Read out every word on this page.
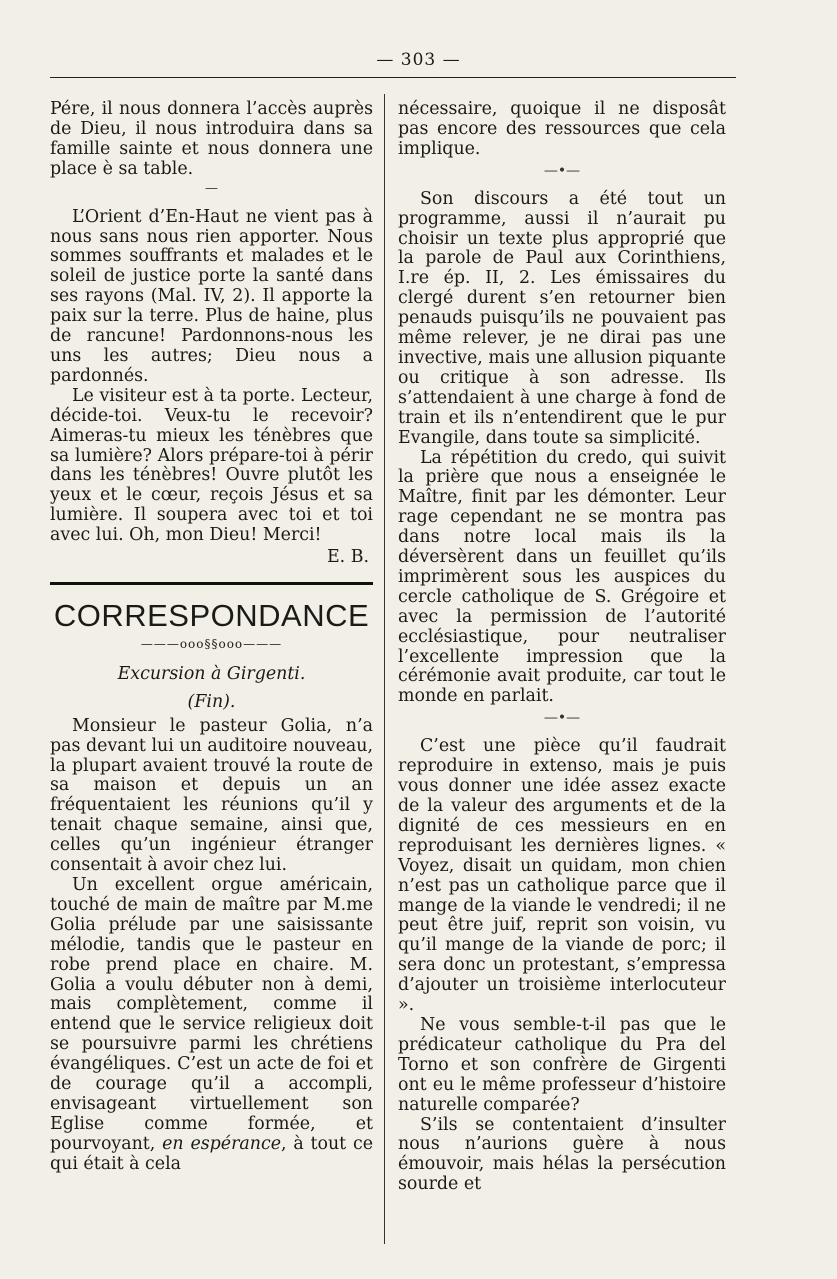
— 303 —

Pére, il nous donnera l’accès auprès de Dieu, il nous introduira dans sa famille sainte et nous donnera une place è sa table.

—

L’Orient d’En-Haut ne vient pas à nous sans nous rien apporter. Nous sommes souffrants et malades et le soleil de justice porte la santé dans ses rayons (Mal. IV, 2). Il apporte la paix sur la terre. Plus de haine, plus de rancune! Pardonnons-nous les uns les autres; Dieu nous a pardonnés.

Le visiteur est à ta porte. Lecteur, décide-toi. Veux-tu le recevoir? Aimeras-tu mieux les ténèbres que sa lumière? Alors prépare-toi à périr dans les ténèbres! Ouvre plutôt les yeux et le cœur, reçois Jésus et sa lumière. Il soupera avec toi et toi avec lui. Oh, mon Dieu! Merci!

E. B.
CORRESPONDANCE
———ooo§§ooo———
Excursion à Girgenti.
(Fin).

Monsieur le pasteur Golia, n’a pas devant lui un auditoire nouveau, la plupart avaient trouvé la route de sa maison et depuis un an fréquentaient les réunions qu’il y tenait chaque semaine, ainsi que, celles qu’un ingénieur étranger consentait à avoir chez lui.

Un excellent orgue américain, touché de main de maître par M.me Golia prélude par une saisissante mélodie, tandis que le pasteur en robe prend place en chaire. M. Golia a voulu débuter non à demi, mais complètement, comme il entend que le service religieux doit se poursuivre parmi les chrétiens évangéliques. C’est un acte de foi et de courage qu’il a accompli, envisageant virtuellement son Eglise comme formée, et pourvoyant, en espérance, à tout ce qui était à cela

nécessaire, quoique il ne disposât pas encore des ressources que cela implique.

—•—

Son discours a été tout un programme, aussi il n’aurait pu choisir un texte plus approprié que la parole de Paul aux Corinthiens, I.re ép. II, 2. Les émissaires du clergé durent s’en retourner bien penauds puisqu’ils ne pouvaient pas même relever, je ne dirai pas une invective, mais une allusion piquante ou critique à son adresse. Ils s’attendaient à une charge à fond de train et ils n’entendirent que le pur Evangile, dans toute sa simplicité.

La répétition du credo, qui suivit la prière que nous a enseignée le Maître, finit par les démonter. Leur rage cependant ne se montra pas dans notre local mais ils la déversèrent dans un feuillet qu’ils imprimèrent sous les auspices du cercle catholique de S. Grégoire et avec la permission de l’autorité ecclésiastique, pour neutraliser l’excellente impression que la cérémonie avait produite, car tout le monde en parlait.

—•—

C’est une pièce qu’il faudrait reproduire in extenso, mais je puis vous donner une idée assez exacte de la valeur des arguments et de la dignité de ces messieurs en en reproduisant les dernières lignes. « Voyez, disait un quidam, mon chien n’est pas un catholique parce que il mange de la viande le vendredi; il ne peut être juif, reprit son voisin, vu qu’il mange de la viande de porc; il sera donc un protestant, s’empressa d’ajouter un troisième interlocuteur ».

Ne vous semble-t-il pas que le prédicateur catholique du Pra del Torno et son confrère de Girgenti ont eu le même professeur d’histoire naturelle comparée?

S’ils se contentaient d’insulter nous n’aurions guère à nous émouvoir, mais hélas la persécution sourde et
